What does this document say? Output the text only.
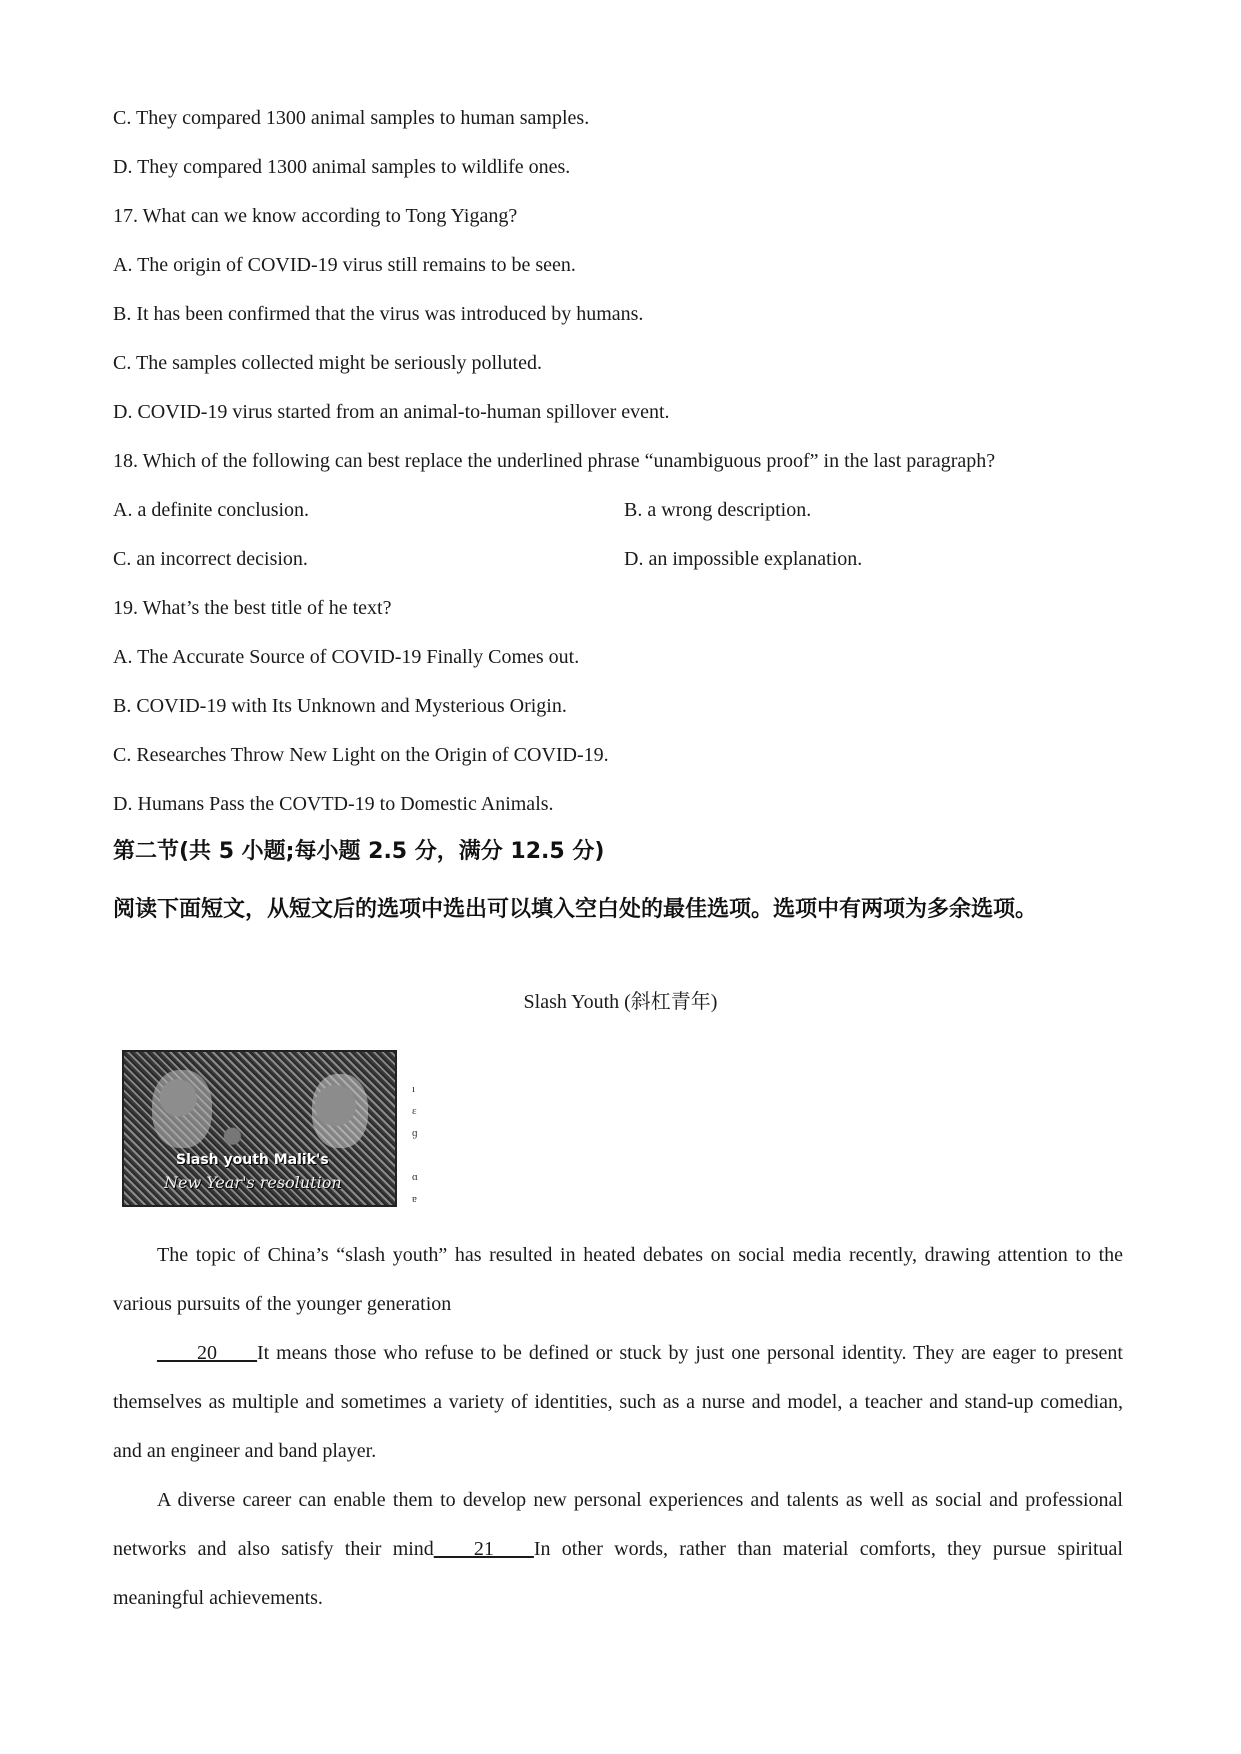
C. They compared 1300 animal samples to human samples.
D. They compared 1300 animal samples to wildlife ones.
17. What can we know according to Tong Yigang?
A. The origin of COVID-19 virus still remains to be seen.
B. It has been confirmed that the virus was introduced by humans.
C. The samples collected might be seriously polluted.
D. COVID-19 virus started from an animal-to-human spillover event.
18. Which of the following can best replace the underlined phrase “unambiguous proof” in the last paragraph?
A. a definite conclusion.	B. a wrong description.
C. an incorrect decision.	D. an impossible explanation.
19. What’s the best title of he text?
A. The Accurate Source of COVID-19 Finally Comes out.
B. COVID-19 with Its Unknown and Mysterious Origin.
C. Researches Throw New Light on the Origin of COVID-19.
D. Humans Pass the COVTD-19 to Domestic Animals.
第二节(共 5 小题;每小题 2.5 分，满分 12.5 分)
阅读下面短文，从短文后的选项中选出可以填入空白处的最佳选项。选项中有两项为多余选项。
Slash Youth (斜杠青年)
Slash youth Malik's
New Year's resolution
ı
ɛ
ɡ

ɑ
ɐ
The topic of China’s “slash youth” has resulted in heated debates on social media recently, drawing attention to the various pursuits of the younger generation
____20____It means those who refuse to be defined or stuck by just one personal identity. They are eager to present themselves as multiple and sometimes a variety of identities, such as a nurse and model, a teacher and stand-up comedian, and an engineer and band player.
A diverse career can enable them to develop new personal experiences and talents as well as social and professional networks and also satisfy their mind____21____In other words, rather than material comforts, they pursue spiritual meaningful achievements.
